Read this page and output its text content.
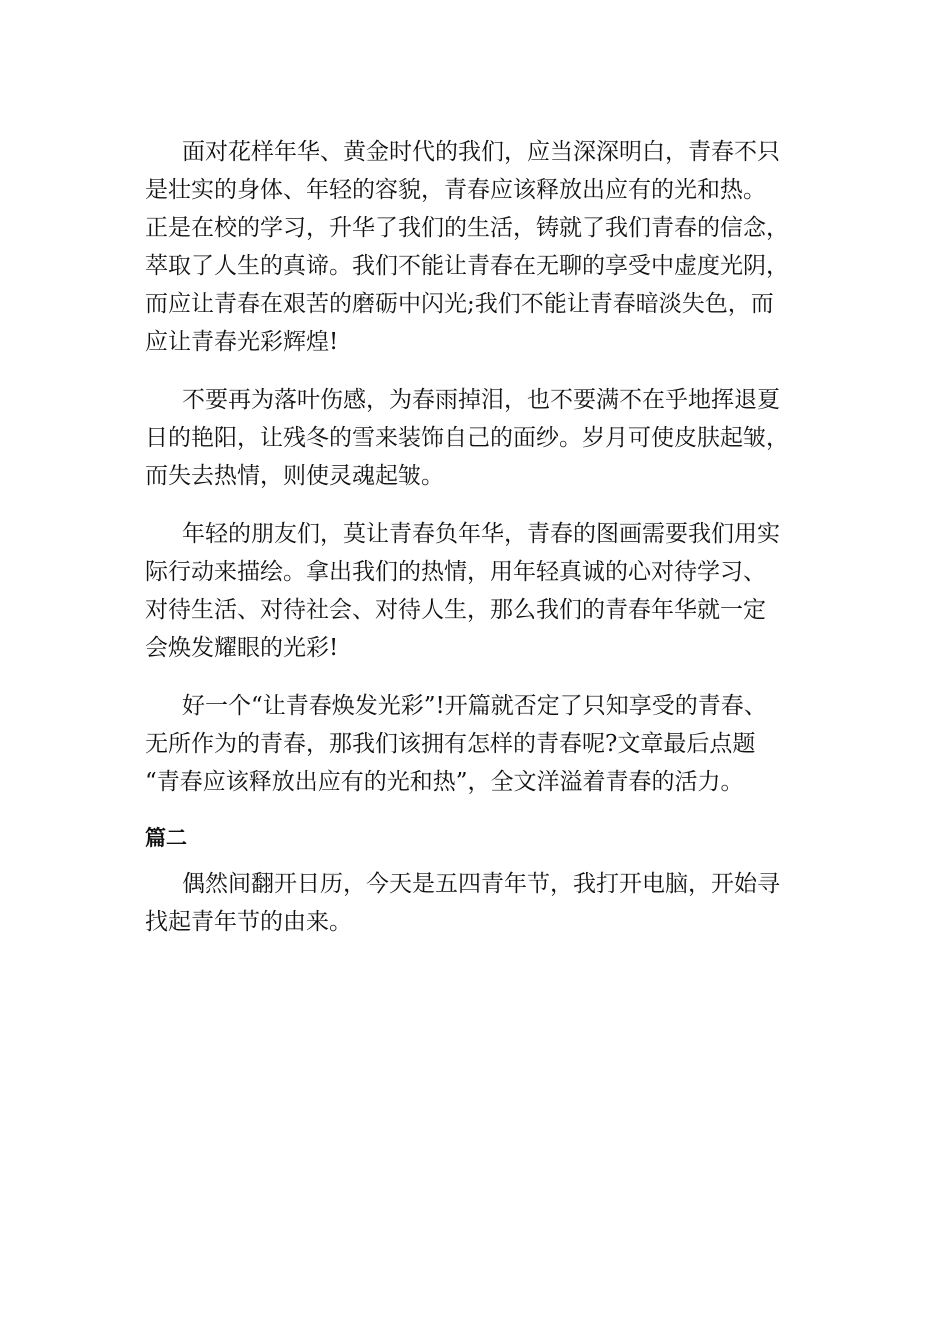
面对花样年华、黄金时代的我们，应当深深明白，青春不只
是壮实的身体、年轻的容貌，青春应该释放出应有的光和热。
正是在校的学习，升华了我们的生活，铸就了我们青春的信念，
萃取了人生的真谛。我们不能让青春在无聊的享受中虚度光阴，
而应让青春在艰苦的磨砺中闪光;我们不能让青春暗淡失色，而
应让青春光彩辉煌!
不要再为落叶伤感，为春雨掉泪，也不要满不在乎地挥退夏
日的艳阳，让残冬的雪来装饰自己的面纱。岁月可使皮肤起皱，
而失去热情，则使灵魂起皱。
年轻的朋友们，莫让青春负年华，青春的图画需要我们用实
际行动来描绘。拿出我们的热情，用年轻真诚的心对待学习、
对待生活、对待社会、对待人生，那么我们的青春年华就一定
会焕发耀眼的光彩!
好一个“让青春焕发光彩”!开篇就否定了只知享受的青春、
无所作为的青春，那我们该拥有怎样的青春呢?文章最后点题
“青春应该释放出应有的光和热”，全文洋溢着青春的活力。
篇二
偶然间翻开日历，今天是五四青年节，我打开电脑，开始寻
找起青年节的由来。
